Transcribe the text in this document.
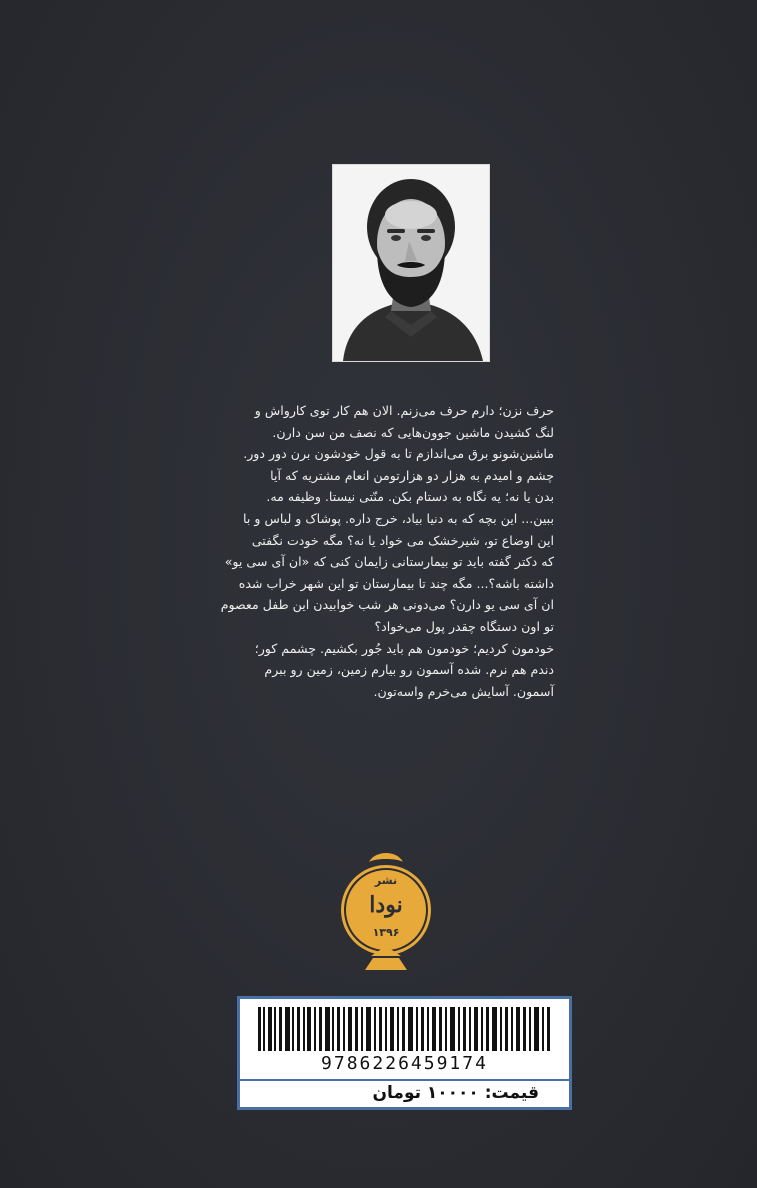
حرف نزن؛ دارم حرف می‌زنم. الان هم کار توی کارواش و

لنگ کشیدن ماشین جوون‌هایی که نصف من سن دارن.

ماشین‌شونو برق می‌اندازم تا به قول خودشون برن دور دور.

چشم و امیدم به هزار دو هزارتومن انعام مشتریه که آیا

بدن یا نه؛ یه نگاه به دستام بکن. منّتی نیستا. وظیفه مه.

ببین... این بچه که به دنیا بیاد، خرج داره. پوشاک و لباس و با

این اوضاع تو، شیرخشک می خواد یا نه؟ مگه خودت نگفتی

که دکتر گفته باید تو بیمارستانی زایمان کنی که «ان آی سی یو»

داشته باشه؟... مگه چند تا بیمارستان تو این شهر خراب شده

ان آی سی یو دارن؟ می‌دونی هر شب خوابیدن این طفل معصوم

تو اون دستگاه چقدر پول می‌خواد؟

خودمون کردیم؛ خودمون هم باید جُور بکشیم. چشمم کور؛

دندم هم نرم. شده آسمون رو بیارم زمین، زمین رو ببرم

آسمون. آسایش می‌خرم واسه‌تون.

نشر
نودا
۱۳۹۶
9786226459174
قیمت: ۱۰۰۰۰ تومان
